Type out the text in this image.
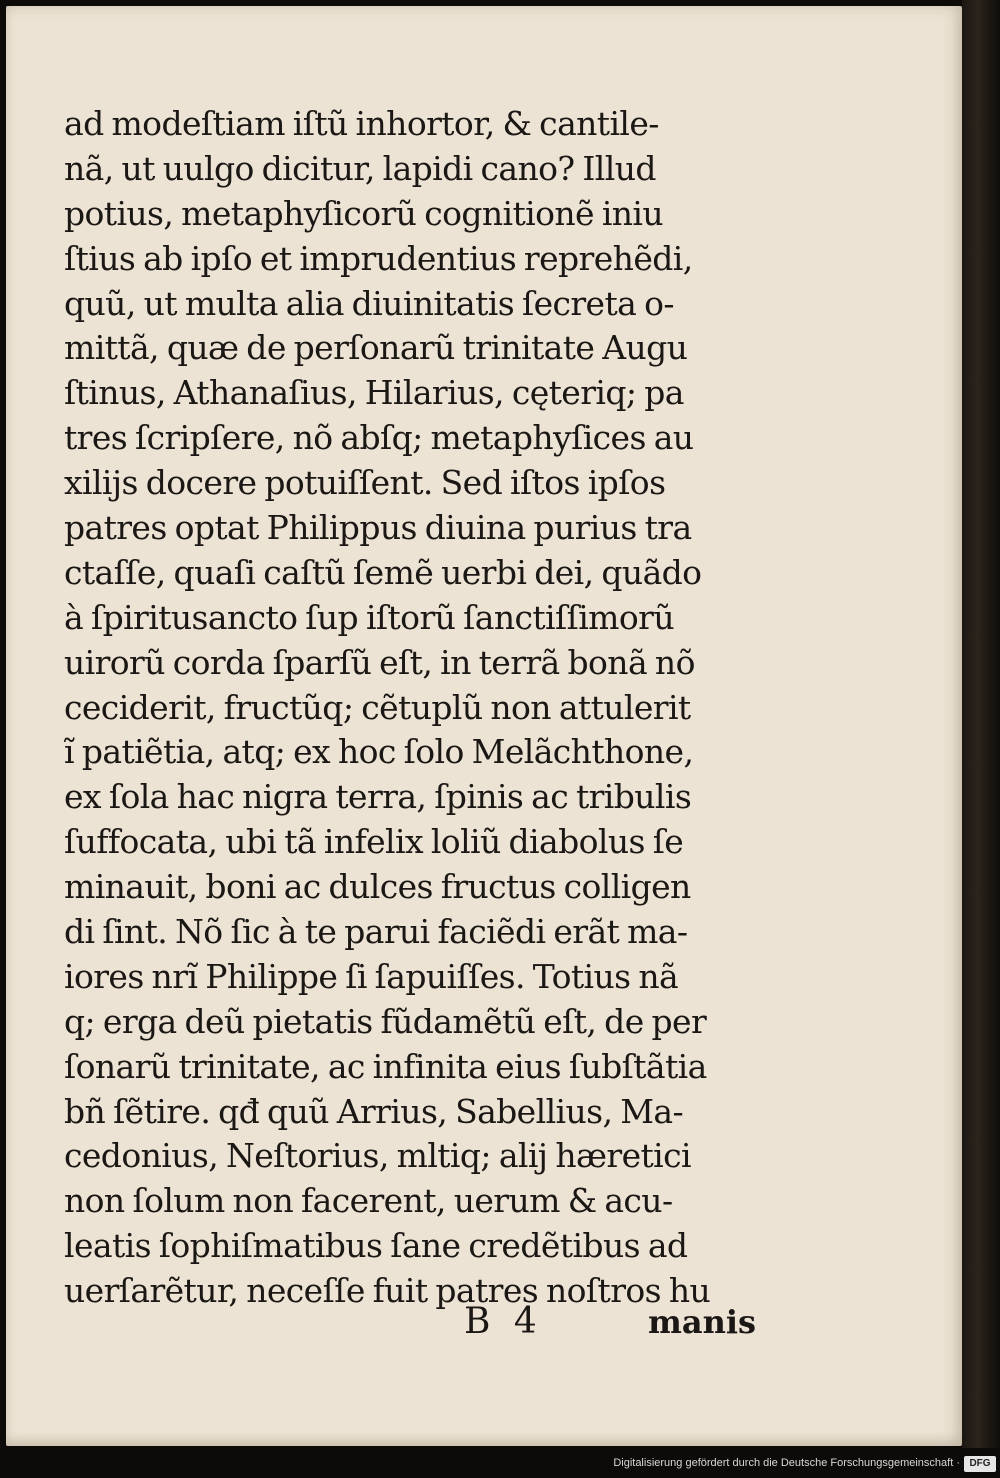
ad modeſtiam iſtũ inhortor, & cantile-
nã, ut uulgo dicitur, lapidi cano? Illud
potius, metaphyſicorũ cognitionẽ iniu
ſtius ab ipſo et imprudentius reprehẽdi,
quũ, ut multa alia diuinitatis ſecreta o-
mittã, quæ de perſonarũ trinitate Augu
ſtinus, Athanaſius, Hilarius, cęteriq; pa
tres ſcripſere, nõ abſq; metaphyſices au
xilijs docere potuiſſent. Sed iſtos ipſos
patres optat Philippus diuina purius tra
ctaſſe, quaſi caſtũ ſemẽ uerbi dei, quãdo
à ſpiritusancto ſup iſtorũ ſanctiſſimorũ
uirorũ corda ſparſũ eſt, in terrã bonã nõ
ceciderit, fructũq; cẽtuplũ non attulerit
ĩ patiẽtia, atq; ex hoc ſolo Melãchthone,
ex ſola hac nigra terra, ſpinis ac tribulis
ſuffocata, ubi tã infelix loliũ diabolus ſe
minauit, boni ac dulces fructus colligen
di ſint. Nõ ſic à te parui faciẽdi erãt ma-
iores nrĩ Philippe ſi ſapuiſſes. Totius nã
q; erga deũ pietatis fũdamẽtũ eſt, de per
ſonarũ trinitate, ac infinita eius ſubſtãtia
bñ ſẽtire. qđ quũ Arrius, Sabellius, Ma-
cedonius, Neſtorius, mltiq; alij hæretici
non ſolum non facerent, uerum & acu-
leatis ſophiſmatibus ſane credẽtibus ad
uerſarẽtur, neceſſe fuit patres noſtros hu
B 4	manis
Digitalisierung gefördert durch die Deutsche Forschungsgemeinschaft · DFG
